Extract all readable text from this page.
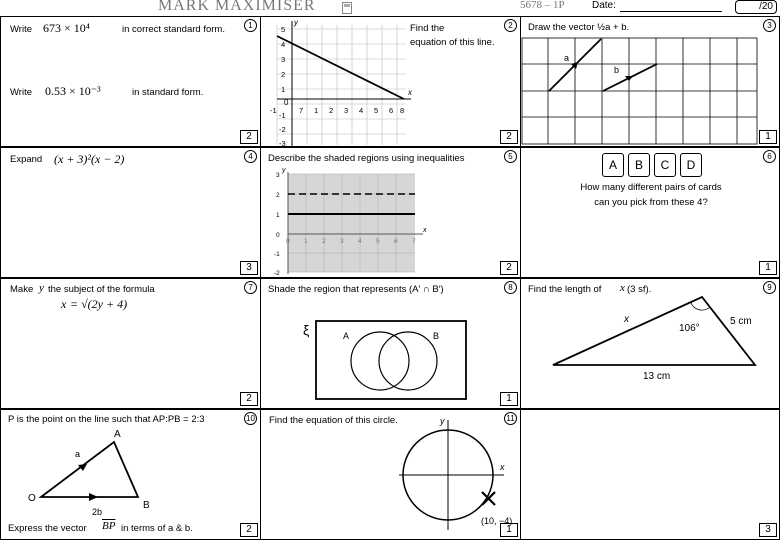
MARK MAXIMISER	5678 – 1P	Date:	/20
1
Write 673 × 10⁴	in correct standard form.
Write 0.53 × 10⁻³	in standard form.
2
2
Find the
equation of this line.
y
x
0
5
4
3
2
1
-1
-2
-3
-1	1 2 3 4 5 6
7	8
2
3
Draw the vector ½a + b.
a
b
1
4
Expand (x + 3)²(x − 2)
3
5
Describe the shaded regions using inequalities
y
x
3
2
1
0
-1
-2
0 1 2 3 4 5 6 7
2
6
A	B	C	D
How many different pairs of cards
can you pick from these 4?
1
7
Make y the subject of the formula
x = √(2y + 4)
2
8
Shade the region that represents (A′ ∩ B′)
ξ	A	B
1
9
Find the length of x (3 sf).
x	5 cm
106°
13 cm
10
P is the point on the line such that AP:PB = 2:3
A
O
B
a
2b
Express the vector $\overline{BP}$ in terms of a & b.	2
11
Find the equation of this circle.	y
x
(10, −4)
1	3
